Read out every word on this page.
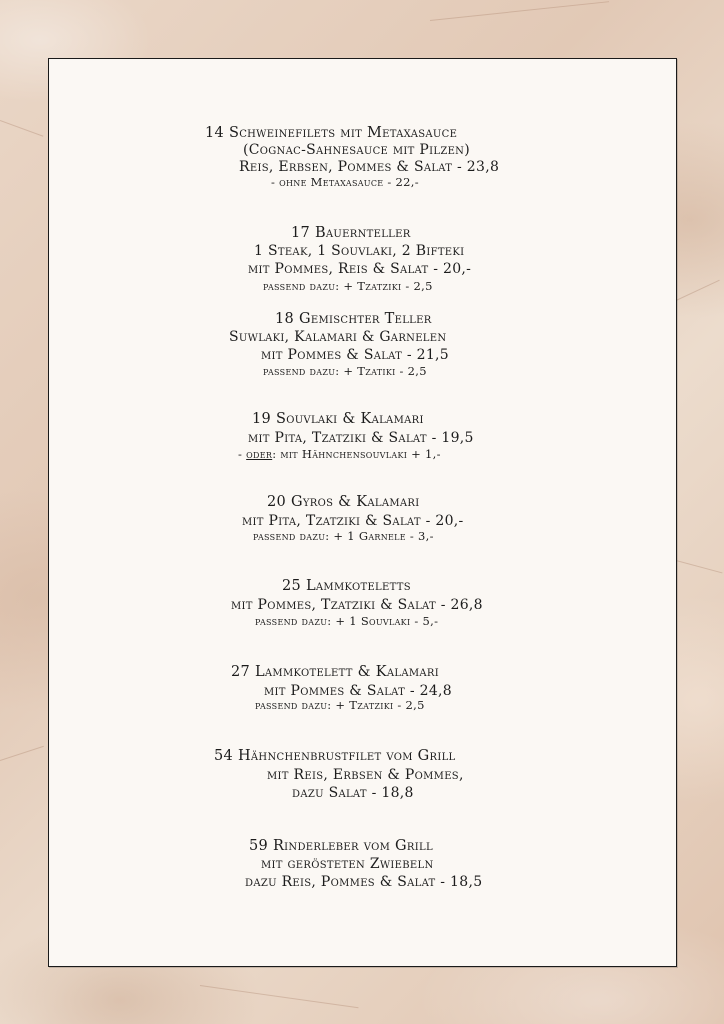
14 Schweinefilets mit Metaxasauce
(Cognac-Sahnesauce mit Pilzen)
Reis, Erbsen, Pommes & Salat - 23,8
- ohne Metaxasauce - 22,-
17 Bauernteller
1 Steak, 1 Souvlaki, 2 Bifteki
mit Pommes, Reis & Salat - 20,-
passend dazu: + Tzatziki - 2,5
18 Gemischter Teller
Suwlaki, Kalamari & Garnelen
mit Pommes & Salat - 21,5
passend dazu: + Tzatiki - 2,5
19 Souvlaki & Kalamari
mit Pita, Tzatziki & Salat - 19,5
- oder: mit Hähnchensouvlaki + 1,-
20 Gyros & Kalamari
mit Pita, Tzatziki & Salat - 20,-
passend dazu: + 1 Garnele - 3,-
25 Lammkoteletts
mit Pommes, Tzatziki & Salat - 26,8
passend dazu: + 1 Souvlaki - 5,-
27 Lammkotelett & Kalamari
mit Pommes & Salat - 24,8
passend dazu: + Tzatziki - 2,5
54 Hähnchenbrustfilet vom Grill
mit Reis, Erbsen & Pommes,
dazu Salat - 18,8
59 Rinderleber vom Grill
mit gerösteten Zwiebeln
dazu Reis, Pommes & Salat - 18,5
